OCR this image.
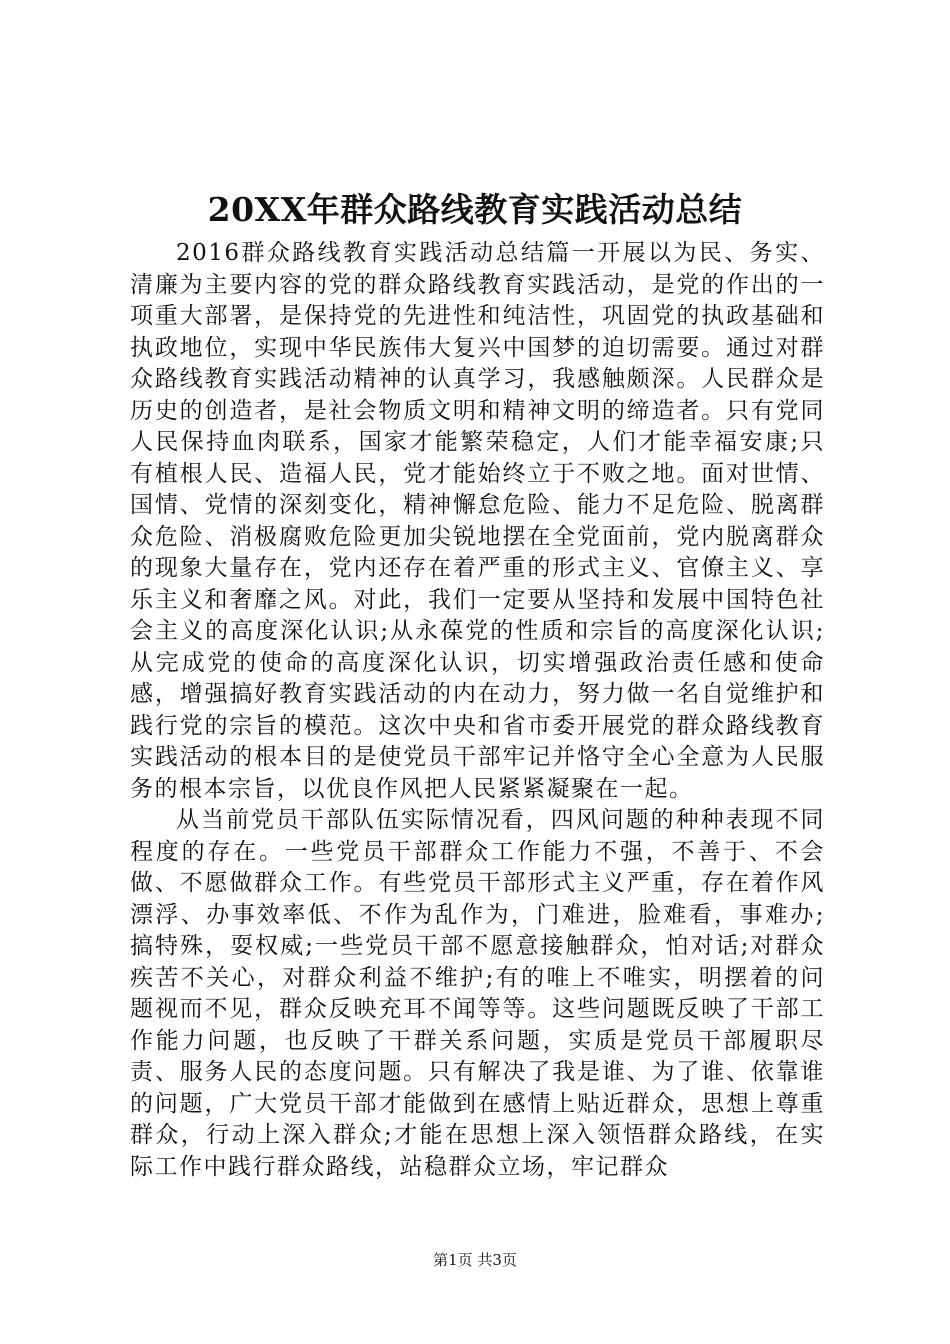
20XX年群众路线教育实践活动总结

2016群众路线教育实践活动总结篇一开展以为民、务实、清廉为主要内容的党的群众路线教育实践活动，是党的作出的一项重大部署，是保持党的先进性和纯洁性，巩固党的执政基础和执政地位，实现中华民族伟大复兴中国梦的迫切需要。通过对群众路线教育实践活动精神的认真学习，我感触颇深。人民群众是历史的创造者，是社会物质文明和精神文明的缔造者。只有党同人民保持血肉联系，国家才能繁荣稳定，人们才能幸福安康;只有植根人民、造福人民，党才能始终立于不败之地。面对世情、国情、党情的深刻变化，精神懈怠危险、能力不足危险、脱离群众危险、消极腐败危险更加尖锐地摆在全党面前，党内脱离群众的现象大量存在，党内还存在着严重的形式主义、官僚主义、享乐主义和奢靡之风。对此，我们一定要从坚持和发展中国特色社会主义的高度深化认识;从永葆党的性质和宗旨的高度深化认识;从完成党的使命的高度深化认识，切实增强政治责任感和使命感，增强搞好教育实践活动的内在动力，努力做一名自觉维护和践行党的宗旨的模范。这次中央和省市委开展党的群众路线教育实践活动的根本目的是使党员干部牢记并恪守全心全意为人民服务的根本宗旨，以优良作风把人民紧紧凝聚在一起。

从当前党员干部队伍实际情况看，四风问题的种种表现不同程度的存在。一些党员干部群众工作能力不强，不善于、不会做、不愿做群众工作。有些党员干部形式主义严重，存在着作风漂浮、办事效率低、不作为乱作为，门难进，脸难看，事难办;搞特殊，耍权威;一些党员干部不愿意接触群众，怕对话;对群众疾苦不关心，对群众利益不维护;有的唯上不唯实，明摆着的问题视而不见，群众反映充耳不闻等等。这些问题既反映了干部工作能力问题，也反映了干群关系问题，实质是党员干部履职尽责、服务人民的态度问题。只有解决了我是谁、为了谁、依靠谁的问题，广大党员干部才能做到在感情上贴近群众，思想上尊重群众，行动上深入群众;才能在思想上深入领悟群众路线，在实际工作中践行群众路线，站稳群众立场，牢记群众

第1页 共3页
